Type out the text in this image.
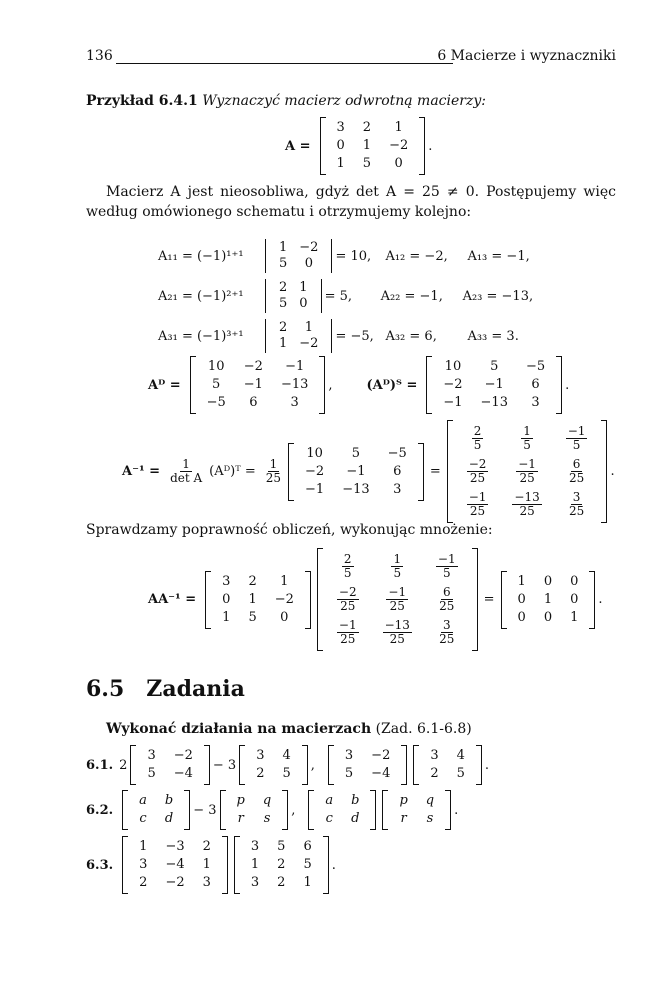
136	6 Macierze i wyznaczniki
Przykład 6.4.1 Wyznaczyć macierz odwrotną macierzy:
A =
3	2	1
0	1	−2
1	5	0
.
Macierz A jest nieosobliwa, gdyż det A = 25 ≠ 0. Postępujemy więc według omówionego schematu i otrzymujemy kolejno:
A₁₁ = (−1)¹⁺¹
1	−2
5	0 = 10,	A₁₂ = −2,	A₁₃ = −1,
A₂₁ = (−1)²⁺¹
2	1
5	0 = 5,	A₂₂ = −1,	A₂₃ = −13,
A₃₁ = (−1)³⁺¹
2	1
1	−2 = −5, A₃₂ = 6,	A₃₃ = 3.
Aᴰ =
10	−2	−1
5	−1	−13
−5	6	3
,	(Aᴰ)ᵀ =
10	5	−5
−2	−1	6
−1	−13	3
.
$A^{-1} = \frac{1}{\text{det A}}$ (Aᴰ)ᵀ = $\frac{1}{25}$
10	5	−5
−2	−1	6
−1	−13	3
=
$\frac{2}{5}$	$\frac{1}{5}$	$\frac{-1}{5}$

$\frac{-2}{25}$	$\frac{-1}{25}$	$\frac{6}{25}$

$\frac{-1}{25}$	$\frac{-13}{25}$	$\frac{3}{25}$
.
Sprawdzamy poprawność obliczeń, wykonując mnożenie:
AA⁻¹ =
3	2	1
0	1	−2
1	5	0
$\frac{2}{5}$	$\frac{1}{5}$	$\frac{-1}{5}$

$\frac{-2}{25}$	$\frac{-1}{25}$	$\frac{6}{25}$

$\frac{-1}{25}$	$\frac{-13}{25}$	$\frac{3}{25}$
=
1	0	0
0	1	0
0	0	1
.
6.5 Zadania
Wykonać działania na macierzach (Zad. 6.1-6.8)
6.1. 2
3	−2
5	−4
− 3
3	4
2	5
,
3	−2
5	−4
3	4
2	5
.
6.2.
a	b
c	d
− 3
p	q
r	s
,
a	b
c	d
p	q
r	s
.
6.3.
1	−3	2
3	−4	1
2	−2	3
3	5	6
1	2	5
3	2	1
.
